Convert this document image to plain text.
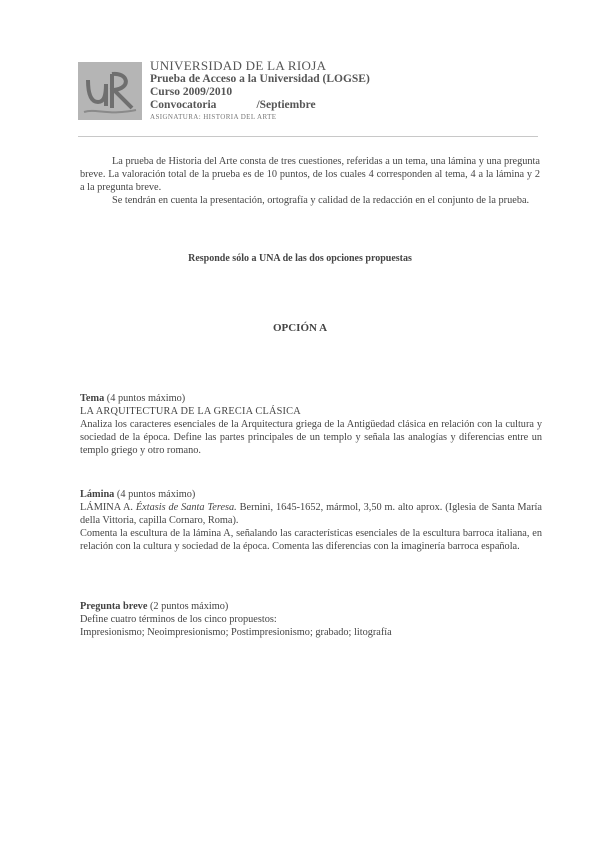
UNIVERSIDAD DE LA RIOJA
Prueba de Acceso a la Universidad (LOGSE)
Curso 2009/2010
Convocatoria	/Septiembre
ASIGNATURA: HISTORIA DEL ARTE

La prueba de Historia del Arte consta de tres cuestiones, referidas a un tema, una lámina y una pregunta breve. La valoración total de la prueba es de 10 puntos, de los cuales 4 corresponden al tema, 4 a la lámina y 2 a la pregunta breve.

Se tendrán en cuenta la presentación, ortografía y calidad de la redacción en el conjunto de la prueba.

Responde sólo a UNA de las dos opciones propuestas
OPCIÓN A

Tema (4 puntos máximo)

LA ARQUITECTURA DE LA GRECIA CLÁSICA

Analiza los caracteres esenciales de la Arquitectura griega de la Antigüedad clásica en relación con la cultura y sociedad de la época. Define las partes principales de un templo y señala las analogías y diferencias entre un templo griego y otro romano.

Lámina (4 puntos máximo)

LÁMINA A. Éxtasis de Santa Teresa. Bernini, 1645-1652, mármol, 3,50 m. alto aprox. (Iglesia de Santa María della Vittoria, capilla Cornaro, Roma).

Comenta la escultura de la lámina A, señalando las características esenciales de la escultura barroca italiana, en relación con la cultura y sociedad de la época. Comenta las diferencias con la imaginería barroca española.

Pregunta breve (2 puntos máximo)

Define cuatro términos de los cinco propuestos:

Impresionismo; Neoimpresionismo; Postimpresionismo; grabado; litografía
